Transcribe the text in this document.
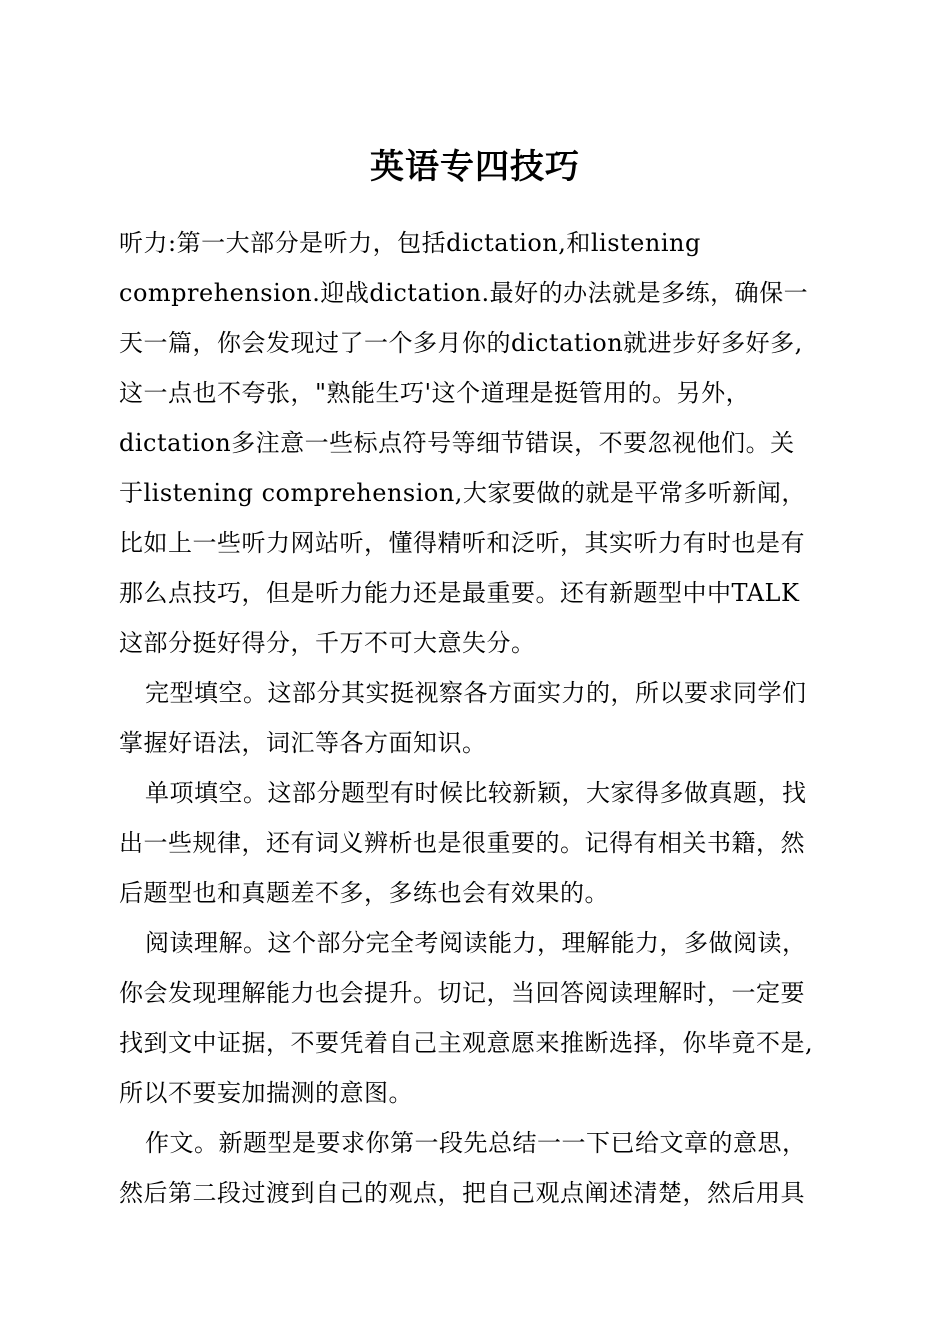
英语专四技巧
听力:第一大部分是听力，包括dictation,和listening
comprehension.迎战dictation.最好的办法就是多练，确保一
天一篇，你会发现过了一个多月你的dictation就进步好多好多,
这一点也不夸张，"熟能生巧'这个道理是挺管用的。另外，
dictation多注意一些标点符号等细节错误，不要忽视他们。关
于listening comprehension,大家要做的就是平常多听新闻，
比如上一些听力网站听，懂得精听和泛听，其实听力有时也是有
那么点技巧，但是听力能力还是最重要。还有新题型中中TALK
这部分挺好得分，千万不可大意失分。
完型填空。这部分其实挺视察各方面实力的，所以要求同学们
掌握好语法，词汇等各方面知识。
单项填空。这部分题型有时候比较新颖，大家得多做真题，找
出一些规律，还有词义辨析也是很重要的。记得有相关书籍，然
后题型也和真题差不多，多练也会有效果的。
阅读理解。这个部分完全考阅读能力，理解能力，多做阅读，
你会发现理解能力也会提升。切记，当回答阅读理解时，一定要
找到文中证据，不要凭着自己主观意愿来推断选择，你毕竟不是,
所以不要妄加揣测的意图。
作文。新题型是要求你第一段先总结一一下已给文章的意思，
然后第二段过渡到自己的观点，把自己观点阐述清楚，然后用具
